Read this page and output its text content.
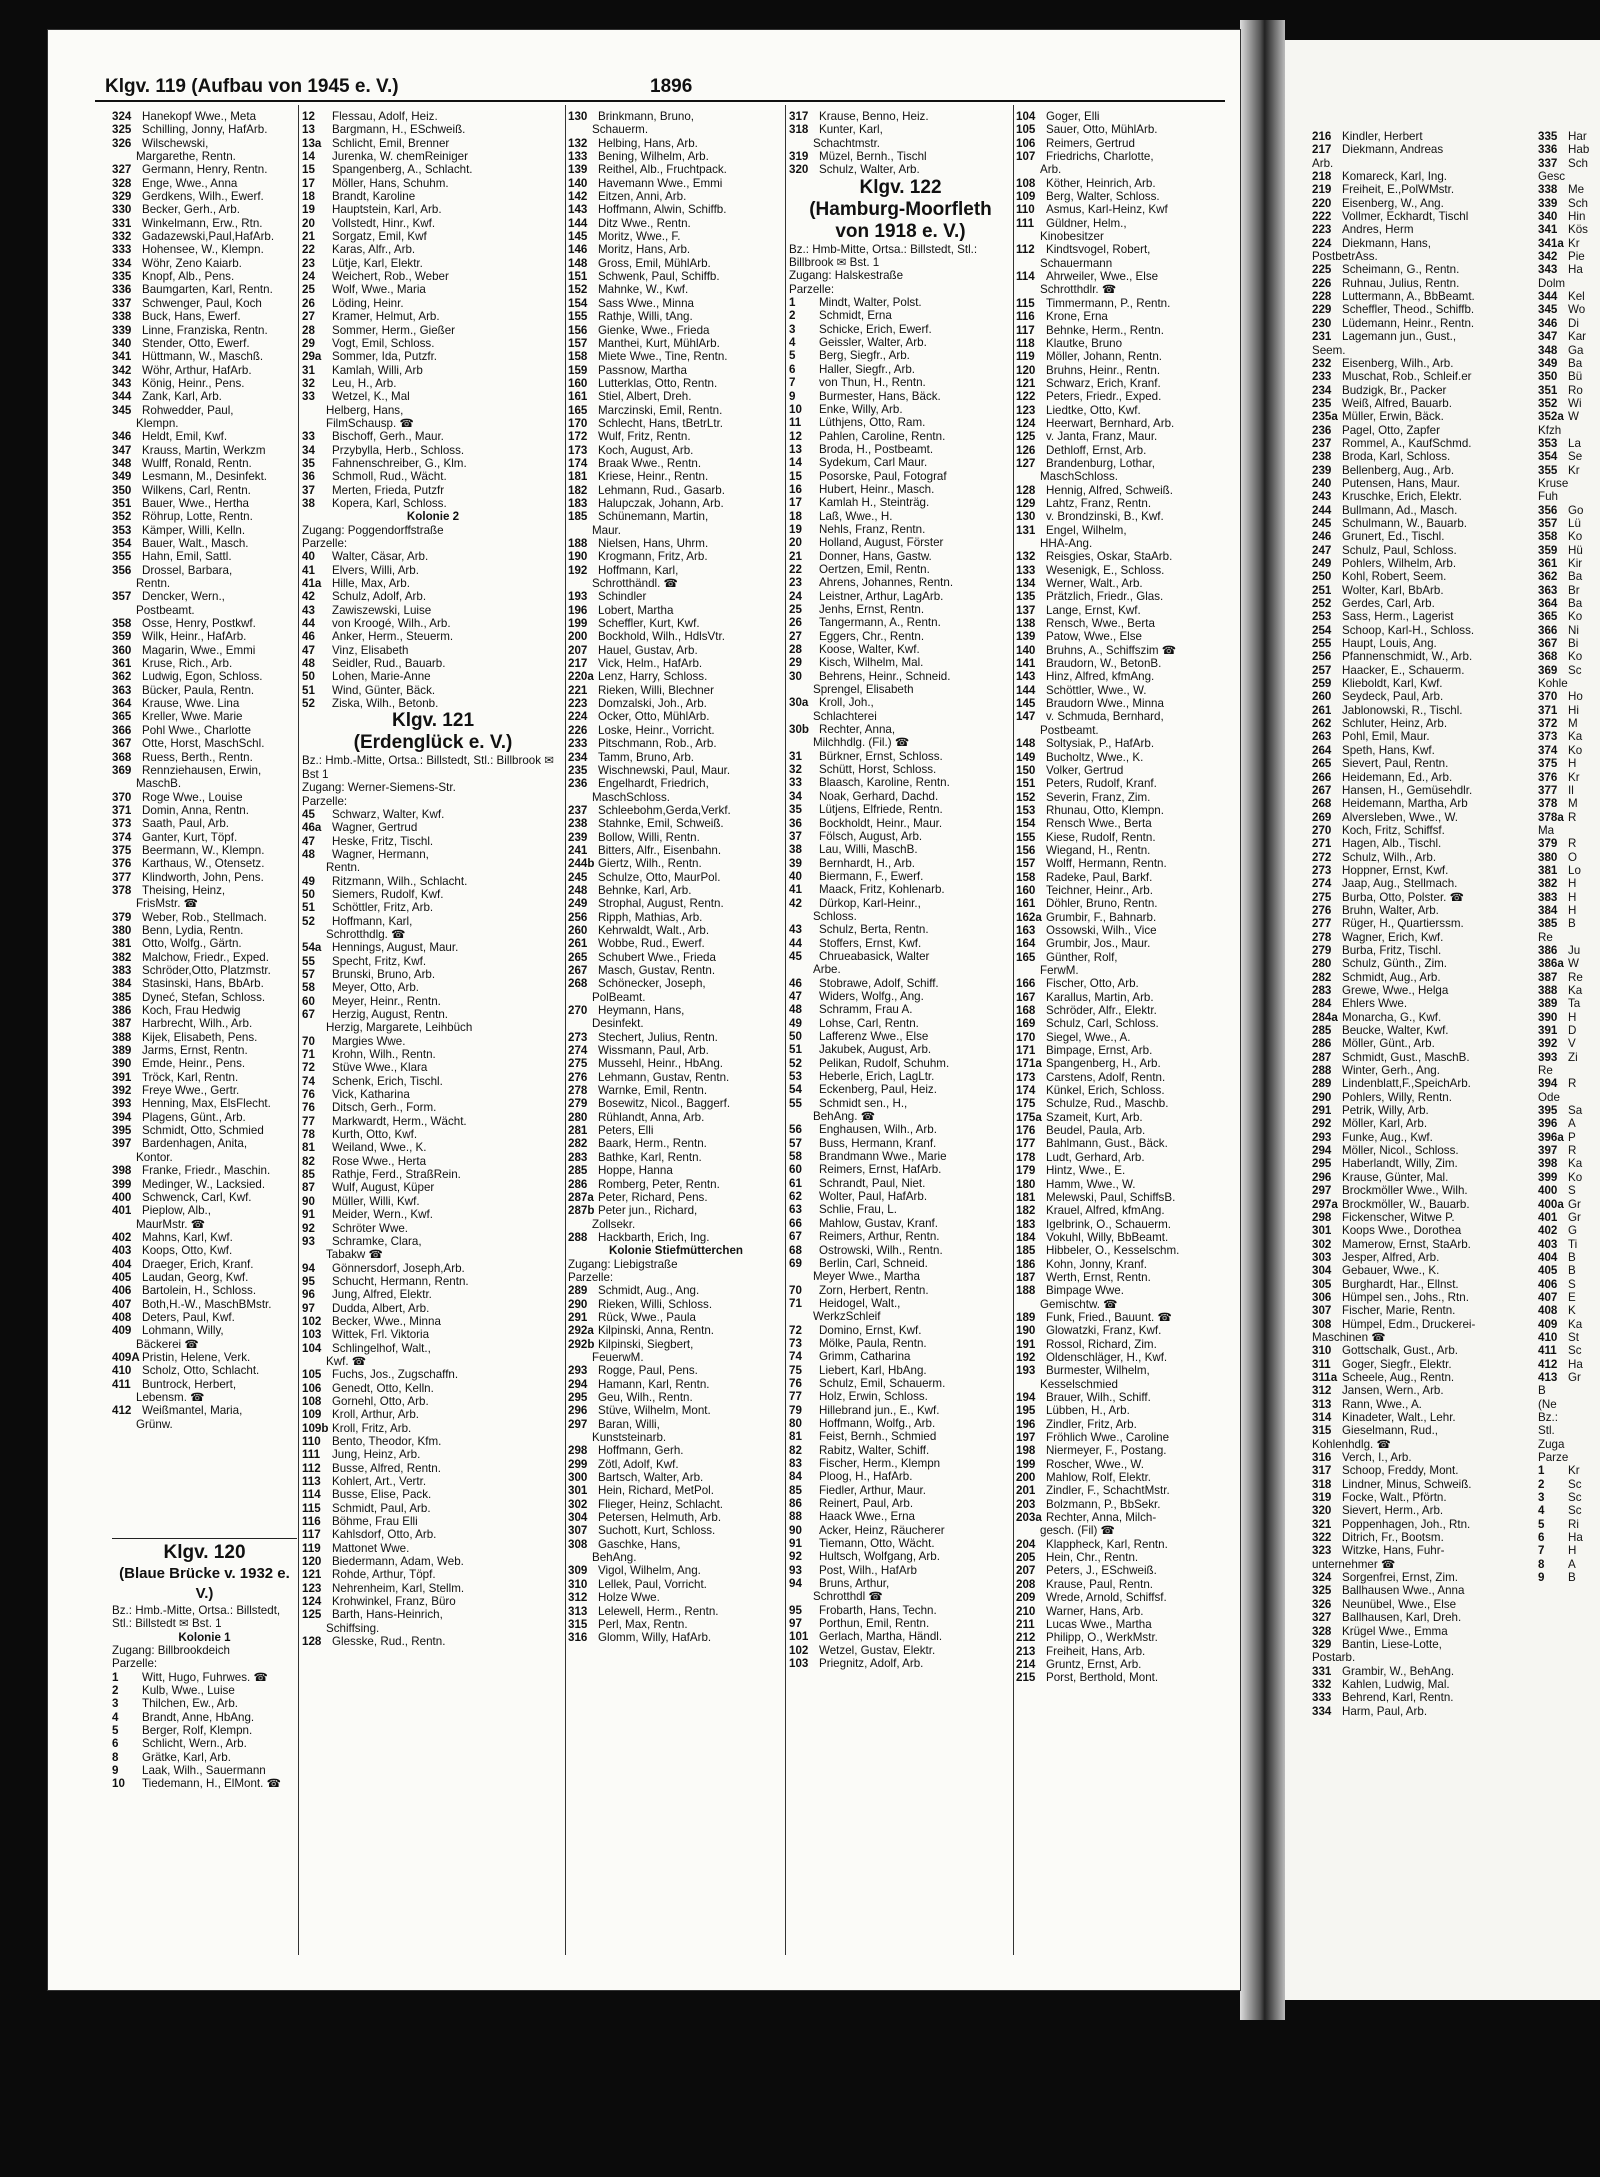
Klgv. 119 (Aufbau von 1945 e. V.)	1896
324Hanekopf Wwe., Meta
325Schilling, Jonny, HafArb.
326Wilschewski,
Margarethe, Rentn.
327Germann, Henry, Rentn.
328Enge, Wwe., Anna
329Gerdkens, Wilh., Ewerf.
330Becker, Gerh., Arb.
331Winkelmann, Erw., Rtn.
332Gadazewski,Paul,HafArb.
333Hohensee, W., Klempn.
334Wöhr, Zeno Kaiarb.
335Knopf, Alb., Pens.
336Baumgarten, Karl, Rentn.
337Schwenger, Paul, Koch
338Buck, Hans, Ewerf.
339Linne, Franziska, Rentn.
340Stender, Otto, Ewerf.
341Hüttmann, W., Maschß.
342Wöhr, Arthur, HafArb.
343König, Heinr., Pens.
344Zank, Karl, Arb.
345Rohwedder, Paul,
Klempn.
346Heldt, Emil, Kwf.
347Krauss, Martin, Werkzm
348Wulff, Ronald, Rentn.
349Lesmann, M., Desinfekt.
350Wilkens, Carl, Rentn.
351Bauer, Wwe., Hertha
352Röhrup, Lotte, Rentn.
353Kämper, Willi, Kelln.
354Bauer, Walt., Masch.
355Hahn, Emil, Sattl.
356Drossel, Barbara,
Rentn.
357Dencker, Wern.,
Postbeamt.
358Osse, Henry, Postkwf.
359Wilk, Heinr., HafArb.
360Magarin, Wwe., Emmi
361Kruse, Rich., Arb.
362Ludwig, Egon, Schloss.
363Bücker, Paula, Rentn.
364Krause, Wwe. Lina
365Kreller, Wwe. Marie
366Pohl Wwe., Charlotte
367Otte, Horst, MaschSchl.
368Ruess, Berth., Rentn.
369Rennziehausen, Erwin,
MaschB.
370Roge Wwe., Louise
371Domin, Anna, Rentn.
373Saath, Paul, Arb.
374Ganter, Kurt, Töpf.
375Beermann, W., Klempn.
376Karthaus, W., Otensetz.
377Klindworth, John, Pens.
378Theising, Heinz,
FrisMstr. ☎
379Weber, Rob., Stellmach.
380Benn, Lydia, Rentn.
381Otto, Wolfg., Gärtn.
382Malchow, Friedr., Exped.
383Schröder,Otto, Platzmstr.
384Stasinski, Hans, BbArb.
385Dyneć, Stefan, Schloss.
386Koch, Frau Hedwig
387Harbrecht, Wilh., Arb.
388Kijek, Elisabeth, Pens.
389Jarms, Ernst, Rentn.
390Emde, Heinr., Pens.
391Tröck, Karl, Rentn.
392Freye Wwe., Gertr.
393Henning, Max, ElsFlecht.
394Plagens, Günt., Arb.
395Schmidt, Otto, Schmied
397Bardenhagen, Anita,
Kontor.
398Franke, Friedr., Maschin.
399Medinger, W., Lacksied.
400Schwenck, Carl, Kwf.
401Pieplow, Alb.,
MaurMstr. ☎
402Mahns, Karl, Kwf.
403Koops, Otto, Kwf.
404Draeger, Erich, Kranf.
405Laudan, Georg, Kwf.
406Bartolein, H., Schloss.
407Both,H.-W., MaschBMstr.
408Deters, Paul, Kwf.
409Lohmann, Willy,
Bäckerei ☎
409APristin, Helene, Verk.
410Scholz, Otto, Schlacht.
411Buntrock, Herbert,
Lebensm. ☎
412Weißmantel, Maria,
Grünw.
Klgv. 120
(Blaue Brücke v. 1932 e. V.)
Bz.: Hmb.-Mitte, Ortsa.: Billstedt, Stl.: Billstedt ✉ Bst. 1
Kolonie 1
Zugang: Billbrookdeich
Parzelle:
1Witt, Hugo, Fuhrwes. ☎
2Kulb, Wwe., Luise
3Thilchen, Ew., Arb.
4Brandt, Anne, HbAng.
5Berger, Rolf, Klempn.
6Schlicht, Wern., Arb.
8Grätke, Karl, Arb.
9Laak, Wilh., Sauermann
10Tiedemann, H., ElMont. ☎
12Flessau, Adolf, Heiz.
13Bargmann, H., ESchweiß.
13aSchlicht, Emil, Brenner
14Jurenka, W. chemReiniger
15Spangenberg, A., Schlacht.
17Möller, Hans, Schuhm.
18Brandt, Karoline
19Hauptstein, Karl, Arb.
20Vollstedt, Hinr., Kwf.
21Sorgatz, Emil, Kwf
22Karas, Alfr., Arb.
23Lütje, Karl, Elektr.
24Weichert, Rob., Weber
25Wolf, Wwe., Maria
26Löding, Heinr.
27Kramer, Helmut, Arb.
28Sommer, Herm., Gießer
29Vogt, Emil, Schloss.
29aSommer, Ida, Putzfr.
31Kamlah, Willi, Arb
32Leu, H., Arb.
33Wetzel, K., Mal
Helberg, Hans,
FilmSchausp. ☎
33Bischoff, Gerh., Maur.
34Przybylla, Herb., Schloss.
35Fahnenschreiber, G., Klm.
36Schmoll, Rud., Wächt.
37Merten, Frieda, Putzfr
38Kopera, Karl, Schloss.
Kolonie 2
Zugang: Poggendorffstraße
Parzelle:
40Walter, Cäsar, Arb.
41Elvers, Willi, Arb.
41aHille, Max, Arb.
42Schulz, Adolf, Arb.
43Zawiszewski, Luise
44von Kroogé, Wilh., Arb.
46Anker, Herm., Steuerm.
47Vinz, Elisabeth
48Seidler, Rud., Bauarb.
50Lohen, Marie-Anne
51Wind, Günter, Bäck.
52Ziska, Wilh., Betonb.
Klgv. 121
(Erdenglück e. V.)
Bz.: Hmb.-Mitte, Ortsa.: Billstedt, Stl.: Billbrook ✉ Bst 1
Zugang: Werner-Siemens-Str.
Parzelle:
45Schwarz, Walter, Kwf.
46aWagner, Gertrud
47Heske, Fritz, Tischl.
48Wagner, Hermann,
Rentn.
49Ritzmann, Wilh., Schlacht.
50Siemers, Rudolf, Kwf.
51Schöttler, Fritz, Arb.
52Hoffmann, Karl,
Schrotthdlg. ☎
54aHennings, August, Maur.
55Specht, Fritz, Kwf.
57Brunski, Bruno, Arb.
58Meyer, Otto, Arb.
60Meyer, Heinr., Rentn.
67Herzig, August, Rentn.
Herzig, Margarete, Leihbüch
70Margies Wwe.
71Krohn, Wilh., Rentn.
72Stüve Wwe., Klara
74Schenk, Erich, Tischl.
76Vick, Katharina
76Ditsch, Gerh., Form.
77Markwardt, Herm., Wächt.
78Kurth, Otto, Kwf.
81Weiland, Wwe., K.
82Rose Wwe., Herta
85Rathje, Ferd., StraßRein.
87Wulf, August, Küper
90Müller, Willi, Kwf.
91Meider, Wern., Kwf.
92Schröter Wwe.
93Schramke, Clara,
Tabakw ☎
94Gönnersdorf, Joseph,Arb.
95Schucht, Hermann, Rentn.
96Jung, Alfred, Elektr.
97Dudda, Albert, Arb.
102Becker, Wwe., Minna
103Wittek, Frl. Viktoria
104Schlingelhof, Walt.,
Kwf. ☎
105Fuchs, Jos., Zugschaffn.
106Genedt, Otto, Kelln.
108Gornehl, Otto, Arb.
109Kroll, Arthur, Arb.
109bKroll, Fritz, Arb.
110Bento, Theodor, Kfm.
111Jung, Heinz, Arb.
112Busse, Alfred, Rentn.
113Kohlert, Art., Vertr.
114Busse, Elise, Pack.
115Schmidt, Paul, Arb.
116Böhme, Frau Elli
117Kahlsdorf, Otto, Arb.
119Mattonet Wwe.
120Biedermann, Adam, Web.
121Rohde, Arthur, Töpf.
123Nehrenheim, Karl, Stellm.
124Krohwinkel, Franz, Büro
125Barth, Hans-Heinrich,
Schiffsing.
128Glesske, Rud., Rentn.
130Brinkmann, Bruno,
Schauerm.
132Helbing, Hans, Arb.
133Bening, Wilhelm, Arb.
139Reithel, Alb., Fruchtpack.
140Havemann Wwe., Emmi
142Eitzen, Anni, Arb.
143Hoffmann, Alwin, Schiffb.
144Ditz Wwe., Rentn.
145Moritz, Wwe., F.
146Moritz, Hans, Arb.
148Gross, Emil, MühlArb.
151Schwenk, Paul, Schiffb.
152Mahnke, W., Kwf.
154Sass Wwe., Minna
155Rathje, Willi, tAng.
156Gienke, Wwe., Frieda
157Manthei, Kurt, MühlArb.
158Miete Wwe., Tine, Rentn.
159Passnow, Martha
160Lutterklas, Otto, Rentn.
161Stiel, Albert, Dreh.
165Marczinski, Emil, Rentn.
170Schlecht, Hans, tBetrLtr.
172Wulf, Fritz, Rentn.
173Koch, August, Arb.
174Braak Wwe., Rentn.
181Kriese, Heinr., Rentn.
182Lehmann, Rud., Gasarb.
183Halupczak, Johann, Arb.
185Schünemann, Martin,
Maur.
188Nielsen, Hans, Uhrm.
190Krogmann, Fritz, Arb.
192Hoffmann, Karl,
Schrotthändl. ☎
193Schindler
196Lobert, Martha
199Scheffler, Kurt, Kwf.
200Bockhold, Wilh., HdlsVtr.
207Hauel, Gustav, Arb.
217Vick, Helm., HafArb.
220aLenz, Harry, Schloss.
221Rieken, Willi, Blechner
223Domzalski, Joh., Arb.
224Ocker, Otto, MühlArb.
226Loske, Heinr., Vorricht.
233Pitschmann, Rob., Arb.
234Tamm, Bruno, Arb.
235Wischnewski, Paul, Maur.
236Engelhardt, Friedrich,
MaschSchloss.
237Schleebohm,Gerda,Verkf.
238Stahnke, Emil, Schweiß.
239Bollow, Willi, Rentn.
241Bitters, Alfr., Eisenbahn.
244bGiertz, Wilh., Rentn.
245Schulze, Otto, MaurPol.
248Behnke, Karl, Arb.
249Strophal, August, Rentn.
256Ripph, Mathias, Arb.
260Kehrwaldt, Walt., Arb.
261Wobbe, Rud., Ewerf.
265Schubert Wwe., Frieda
267Masch, Gustav, Rentn.
268Schönecker, Joseph,
PolBeamt.
270Heymann, Hans,
Desinfekt.
273Stechert, Julius, Rentn.
274Wissmann, Paul, Arb.
275Mussehl, Heinr., HbAng.
276Lehmann, Gustav, Rentn.
278Warnke, Emil, Rentn.
279Bosewitz, Nicol., Baggerf.
280Rühlandt, Anna, Arb.
281Peters, Elli
282Baark, Herm., Rentn.
283Bathke, Karl, Rentn.
285Hoppe, Hanna
286Romberg, Peter, Rentn.
287aPeter, Richard, Pens.
287bPeter jun., Richard,
Zollsekr.
288Hackbarth, Erich, Ing.
Kolonie Stiefmütterchen
Zugang: Liebigstraße
Parzelle:
289Schmidt, Aug., Ang.
290Rieken, Willi, Schloss.
291Rück, Wwe., Paula
292aKilpinski, Anna, Rentn.
292bKilpinski, Siegbert,
FeuerwM.
293Rogge, Paul, Pens.
294Hamann, Karl, Rentn.
295Geu, Wilh., Rentn.
296Stüve, Wilhelm, Mont.
297Baran, Willi,
Kunststeinarb.
298Hoffmann, Gerh.
299Zötl, Adolf, Kwf.
300Bartsch, Walter, Arb.
301Hein, Richard, MetPol.
302Flieger, Heinz, Schlacht.
304Petersen, Helmuth, Arb.
307Suchott, Kurt, Schloss.
308Gaschke, Hans,
BehAng.
309Vigol, Wilhelm, Ang.
310Lellek, Paul, Vorricht.
312Holze Wwe.
313Lelewell, Herm., Rentn.
315Perl, Max, Rentn.
316Glomm, Willy, HafArb.
317Krause, Benno, Heiz.
318Kunter, Karl,
Schachtmstr.
319Müzel, Bernh., Tischl
320Schulz, Walter, Arb.
Klgv. 122
(Hamburg-Moorfleth
von 1918 e. V.)
Bz.: Hmb-Mitte, Ortsa.: Billstedt, Stl.: Billbrook ✉ Bst. 1
Zugang: Halskestraße
Parzelle:
1Mindt, Walter, Polst.
2Schmidt, Erna
3Schicke, Erich, Ewerf.
4Geissler, Walter, Arb.
5Berg, Siegfr., Arb.
6Haller, Siegfr., Arb.
7von Thun, H., Rentn.
9Burmester, Hans, Bäck.
10Enke, Willy, Arb.
11Lüthjens, Otto, Ram.
12Pahlen, Caroline, Rentn.
13Broda, H., Postbeamt.
14Sydekum, Carl Maur.
15Posorske, Paul, Fotograf
16Hubert, Heinr., Masch.
17Kamlah H., Steinträg.
18Laß, Wwe., H.
19Nehls, Franz, Rentn.
20Holland, August, Förster
21Donner, Hans, Gastw.
22Oertzen, Emil, Rentn.
23Ahrens, Johannes, Rentn.
24Leistner, Arthur, LagArb.
25Jenhs, Ernst, Rentn.
26Tangermann, A., Rentn.
27Eggers, Chr., Rentn.
28Koose, Walter, Kwf.
29Kisch, Wilhelm, Mal.
30Behrens, Heinr., Schneid.
Sprengel, Elisabeth
30aKroll, Joh.,
Schlachterei
30bRechter, Anna,
Milchhdlg. (Fil.) ☎
31Bürkner, Ernst, Schloss.
32Schütt, Horst, Schloss.
33Blaasch, Karoline, Rentn.
34Noak, Gerhard, Dachd.
35Lütjens, Elfriede, Rentn.
36Bockholdt, Heinr., Maur.
37Fölsch, August, Arb.
38Lau, Willi, MaschB.
39Bernhardt, H., Arb.
40Biermann, F., Ewerf.
41Maack, Fritz, Kohlenarb.
42Dürkop, Karl-Heinr.,
Schloss.
43Schulz, Berta, Rentn.
44Stoffers, Ernst, Kwf.
45Chrueabasick, Walter
Arbe.
46Stobrawe, Adolf, Schiff.
47Widers, Wolfg., Ang.
48Schramm, Frau A.
49Lohse, Carl, Rentn.
50Lafferenz Wwe., Else
51Jakubek, August, Arb.
52Pelikan, Rudolf, Schuhm.
53Heberle, Erich, LagLtr.
54Eckenberg, Paul, Heiz.
55Schmidt sen., H.,
BehAng. ☎
56Enghausen, Wilh., Arb.
57Buss, Hermann, Kranf.
58Brandmann Wwe., Marie
60Reimers, Ernst, HafArb.
61Schrandt, Paul, Niet.
62Wolter, Paul, HafArb.
63Schlie, Frau, L.
66Mahlow, Gustav, Kranf.
67Reimers, Arthur, Rentn.
68Ostrowski, Wilh., Rentn.
69Berlin, Carl, Schneid.
Meyer Wwe., Martha
70Zorn, Herbert, Rentn.
71Heidogel, Walt.,
WerkzSchleif
72Domino, Ernst, Kwf.
73Mölke, Paula, Rentn.
74Grimm, Catharina
75Liebert, Karl, HbAng.
76Schulz, Emil, Schauerm.
77Holz, Erwin, Schloss.
79Hillebrand jun., E., Kwf.
80Hoffmann, Wolfg., Arb.
81Feist, Bernh., Schmied
82Rabitz, Walter, Schiff.
83Fischer, Herm., Klempn
84Ploog, H., HafArb.
85Fiedler, Arthur, Maur.
86Reinert, Paul, Arb.
88Haack Wwe., Erna
90Acker, Heinz, Räucherer
91Tiemann, Otto, Wächt.
92Hultsch, Wolfgang, Arb.
93Post, Wilh., HafArb
94Bruns, Arthur,
Schrotthdl ☎
95Frobarth, Hans, Techn.
97Porthun, Emil, Rentn.
101Gerlach, Martha, Händl.
102Wetzel, Gustav, Elektr.
103Priegnitz, Adolf, Arb.
104Goger, Elli
105Sauer, Otto, MühlArb.
106Reimers, Gertrud
107Friedrichs, Charlotte,
Arb.
108Köther, Heinrich, Arb.
109Berg, Walter, Schloss.
110Asmus, Karl-Heinz, Kwf
111Güldner, Helm.,
Kinobesitzer
112Kindtsvogel, Robert,
Schauermann
114Ahrweiler, Wwe., Else
Schrotthdlr. ☎
115Timmermann, P., Rentn.
116Krone, Erna
117Behnke, Herm., Rentn.
118Klautke, Bruno
119Möller, Johann, Rentn.
120Bruhns, Heinr., Rentn.
121Schwarz, Erich, Kranf.
122Peters, Friedr., Exped.
123Liedtke, Otto, Kwf.
124Heerwart, Bernhard, Arb.
125v. Janta, Franz, Maur.
126Dethloff, Ernst, Arb.
127Brandenburg, Lothar,
MaschSchloss.
128Hennig, Alfred, Schweiß.
129Lahtz, Franz, Rentn.
130v. Brondzinski, B., Kwf.
131Engel, Wilhelm,
HHA-Ang.
132Reisgies, Oskar, StaArb.
133Wesenigk, E., Schloss.
134Werner, Walt., Arb.
135Prätzlich, Friedr., Glas.
137Lange, Ernst, Kwf.
138Rensch, Wwe., Berta
139Patow, Wwe., Else
140Bruhns, A., Schiffszim ☎
141Braudorn, W., BetonB.
143Hinz, Alfred, kfmAng.
144Schöttler, Wwe., W.
145Braudorn Wwe., Minna
147v. Schmuda, Bernhard,
Postbeamt.
148Soltysiak, P., HafArb.
149Bucholtz, Wwe., K.
150Volker, Gertrud
151Peters, Rudolf, Kranf.
152Severin, Franz, Zim.
153Rhunau, Otto, Klempn.
154Rensch Wwe., Berta
155Kiese, Rudolf, Rentn.
156Wiegand, H., Rentn.
157Wolff, Hermann, Rentn.
158Radeke, Paul, Barkf.
160Teichner, Heinr., Arb.
161Döhler, Bruno, Rentn.
162aGrumbir, F., Bahnarb.
163Ossowski, Wilh., Vice
164Grumbir, Jos., Maur.
165Günther, Rolf,
FerwM.
166Fischer, Otto, Arb.
167Karallus, Martin, Arb.
168Schröder, Alfr., Elektr.
169Schulz, Carl, Schloss.
170Siegel, Wwe., A.
171Bimpage, Ernst, Arb.
171aSpangenberg, H., Arb.
173Carstens, Adolf, Rentn.
174Künkel, Erich, Schloss.
175Schulze, Rud., Maschb.
175aSzameit, Kurt, Arb.
176Beudel, Paula, Arb.
177Bahlmann, Gust., Bäck.
178Ludt, Gerhard, Arb.
179Hintz, Wwe., E.
180Hamm, Wwe., W.
181Melewski, Paul, SchiffsB.
182Krauel, Alfred, kfmAng.
183Igelbrink, O., Schauerm.
184Vokuhl, Willy, BbBeamt.
185Hibbeler, O., Kesselschm.
186Kohn, Jonny, Kranf.
187Werth, Ernst, Rentn.
188Bimpage Wwe.
Gemischtw. ☎
189Funk, Fried., Bauunt. ☎
190Glowatzki, Franz, Kwf.
191Rossol, Richard, Zim.
192Oldenschläger, H., Kwf.
193Burmester, Wilhelm,
Kesselschmied
194Brauer, Wilh., Schiff.
195Lübben, H., Arb.
196Zindler, Fritz, Arb.
197Fröhlich Wwe., Caroline
198Niermeyer, F., Postang.
199Roscher, Wwe., W.
200Mahlow, Rolf, Elektr.
201Zindler, F., SchachtMstr.
203Bolzmann, P., BbSekr.
203aRechter, Anna, Milch-
gesch. (Fil) ☎
204Klappheck, Karl, Rentn.
205Hein, Chr., Rentn.
207Peters, J., ESchweiß.
208Krause, Paul, Rentn.
209Wrede, Arnold, Schiffsf.
210Warner, Hans, Arb.
211Lucas Wwe., Martha
212Philipp, O., WerkMstr.
213Freiheit, Hans, Arb.
214Gruntz, Ernst, Arb.
215Porst, Berthold, Mont.
216Kindler, Herbert
217Diekmann, Andreas
Arb.
218Komareck, Karl, Ing.
219Freiheit, E.,PolWMstr.
220Eisenberg, W., Ang.
222Vollmer, Eckhardt, Tischl
223Andres, Herm
224Diekmann, Hans,
PostbetrAss.
225Scheimann, G., Rentn.
226Ruhnau, Julius, Rentn.
228Luttermann, A., BbBeamt.
229Scheffler, Theod., Schiffb.
230Lüdemann, Heinr., Rentn.
231Lagemann jun., Gust.,
Seem.
232Eisenberg, Wilh., Arb.
233Muschat, Rob., Schleif.er
234Budzigk, Br., Packer
235Weiß, Alfred, Bauarb.
235aMüller, Erwin, Bäck.
236Pagel, Otto, Zapfer
237Rommel, A., KaufSchmd.
238Broda, Karl, Schloss.
239Bellenberg, Aug., Arb.
240Putensen, Hans, Maur.
243Kruschke, Erich, Elektr.
244Bullmann, Ad., Masch.
245Schulmann, W., Bauarb.
246Grunert, Ed., Tischl.
247Schulz, Paul, Schloss.
249Pohlers, Wilhelm, Arb.
250Kohl, Robert, Seem.
251Wolter, Karl, BbArb.
252Gerdes, Carl, Arb.
253Sass, Herm., Lagerist
254Schoop, Karl-H., Schloss.
255Haupt, Louis, Ang.
256Pfannenschmidt, W., Arb.
257Haacker, E., Schauerm.
259Klieboldt, Karl, Kwf.
260Seydeck, Paul, Arb.
261Jablonowski, R., Tischl.
262Schluter, Heinz, Arb.
263Pohl, Emil, Maur.
264Speth, Hans, Kwf.
265Sievert, Paul, Rentn.
266Heidemann, Ed., Arb.
267Hansen, H., Gemüsehdlr.
268Heidemann, Martha, Arb
269Alversleben, Wwe., W.
270Koch, Fritz, Schiffsf.
271Hagen, Alb., Tischl.
272Schulz, Wilh., Arb.
273Hoppner, Ernst, Kwf.
274Jaap, Aug., Stellmach.
275Burba, Otto, Polster. ☎
276Bruhn, Walter, Arb.
277Rüger, H., Quartierssm.
278Wagner, Erich, Kwf.
279Burba, Fritz, Tischl.
280Schulz, Günth., Zim.
282Schmidt, Aug., Arb.
283Grewe, Wwe., Helga
284Ehlers Wwe.
284aMonarcha, G., Kwf.
285Beucke, Walter, Kwf.
286Möller, Günt., Arb.
287Schmidt, Gust., MaschB.
288Winter, Gerh., Ang.
289Lindenblatt,F.,SpeichArb.
290Pohlers, Willy, Rentn.
291Petrik, Willy, Arb.
292Möller, Karl, Arb.
293Funke, Aug., Kwf.
294Möller, Nicol., Schloss.
295Haberlandt, Willy, Zim.
296Krause, Günter, Mal.
297Brockmöller Wwe., Wilh.
297aBrockmöller, W., Bauarb.
298Fickenscher, Witwe P.
301Koops Wwe., Dorothea
302Mamerow, Ernst, StaArb.
303Jesper, Alfred, Arb.
304Gebauer, Wwe., K.
305Burghardt, Har., Ellnst.
306Hümpel sen., Johs., Rtn.
307Fischer, Marie, Rentn.
308Hümpel, Edm., Druckerei-
Maschinen ☎
310Gottschalk, Gust., Arb.
311Goger, Siegfr., Elektr.
311aScheele, Aug., Rentn.
312Jansen, Wern., Arb.
313Rann, Wwe., A.
314Kinadeter, Walt., Lehr.
315Gieselmann, Rud.,
Kohlenhdlg. ☎
316Verch, I., Arb.
317Schoop, Freddy, Mont.
318Lindner, Minus, Schweiß.
319Focke, Walt., Pförtn.
320Sievert, Herm., Arb.
321Poppenhagen, Joh., Rtn.
322Ditrich, Fr., Bootsm.
323Witzke, Hans, Fuhr-
unternehmer ☎
324Sorgenfrei, Ernst, Zim.
325Ballhausen Wwe., Anna
326Neunübel, Wwe., Else
327Ballhausen, Karl, Dreh.
328Krügel Wwe., Emma
329Bantin, Liese-Lotte,
Postarb.
331Grambir, W., BehAng.
332Kahlen, Ludwig, Mal.
333Behrend, Karl, Rentn.
334Harm, Paul, Arb.
335Har
336Hab
337Sch
Gesc
338Me
339Sch
340Hin
341Kös
341aKr
342Pie
343Ha
Dolm
344Kel
345Wo
346Di
347Kar
348Ga
349Ba
350Bü
351Ro
352Wi
352aW
Kfzh
353La
354Se
355Kr
Kruse
Fuh
356Go
357Lü
358Ko
359Hü
361Kir
362Ba
363Br
364Ba
365Ko
366Ni
367Bi
368Ko
369Sc
Kohle
370Ho
371Hi
372M
373Ka
374Ko
375H
376Kr
377Il
378M
378aR
Ma
379R
380O
381Lo
382H
383H
384H
385B
Re
386Ju
386aW
387Re
388Ka
389Ta
390H
391D
392V
393Zi
Re
394R
Ode
395Sa
396A
396aP
397R
398Ka
399Ko
400S
400aGr
401Gr
402G
403Ti
404B
405B
406S
407E
408K
409Ka
410St
411Sc
412Ha
413Gr
B
(Ne
Bz.:
Stl.
Zuga
Parze
1Kr
2Sc
3Sc
4Sc
5Ri
6Ha
7H
8A
9B
